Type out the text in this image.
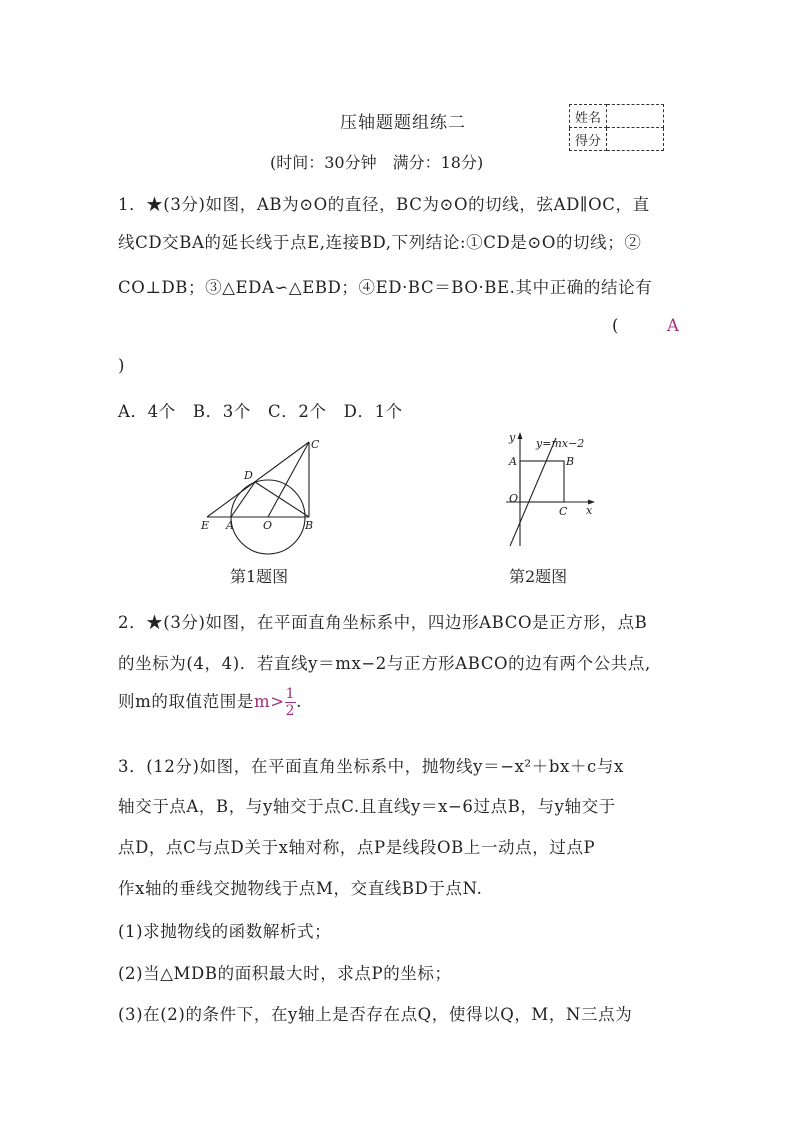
压轴题题组练二	姓名	
得分	
(时间：30分钟　满分：18分)
1．★(3分)如图，AB为⊙O的直径，BC为⊙O的切线，弦AD∥OC，直
线CD交BA的延长线于点E,连接BD,下列结论:①CD是⊙O的切线；②
CO⊥DB；③△EDA∽△EBD；④ED·BC＝BO·BE.其中正确的结论有
(	A
)
A．4个　B．3个　C．2个　D．1个
C
D
E A	O	B
第1题图
y y=mx−2
A	B
O
C x
第2题图
2．★(3分)如图，在平面直角坐标系中，四边形ABCO是正方形，点B
的坐标为(4，4)．若直线y＝mx−2与正方形ABCO的边有两个公共点,
则m的取值范围是$m> \frac{1}{2}$ .
3．(12分)如图，在平面直角坐标系中，抛物线y＝−x²＋bx＋c与x
轴交于点A，B，与y轴交于点C.且直线y＝x−6过点B，与y轴交于
点D，点C与点D关于x轴对称，点P是线段OB上一动点，过点P
作x轴的垂线交抛物线于点M，交直线BD于点N.
(1)求抛物线的函数解析式；
(2)当△MDB的面积最大时，求点P的坐标；
(3)在(2)的条件下，在y轴上是否存在点Q，使得以Q，M，N三点为
